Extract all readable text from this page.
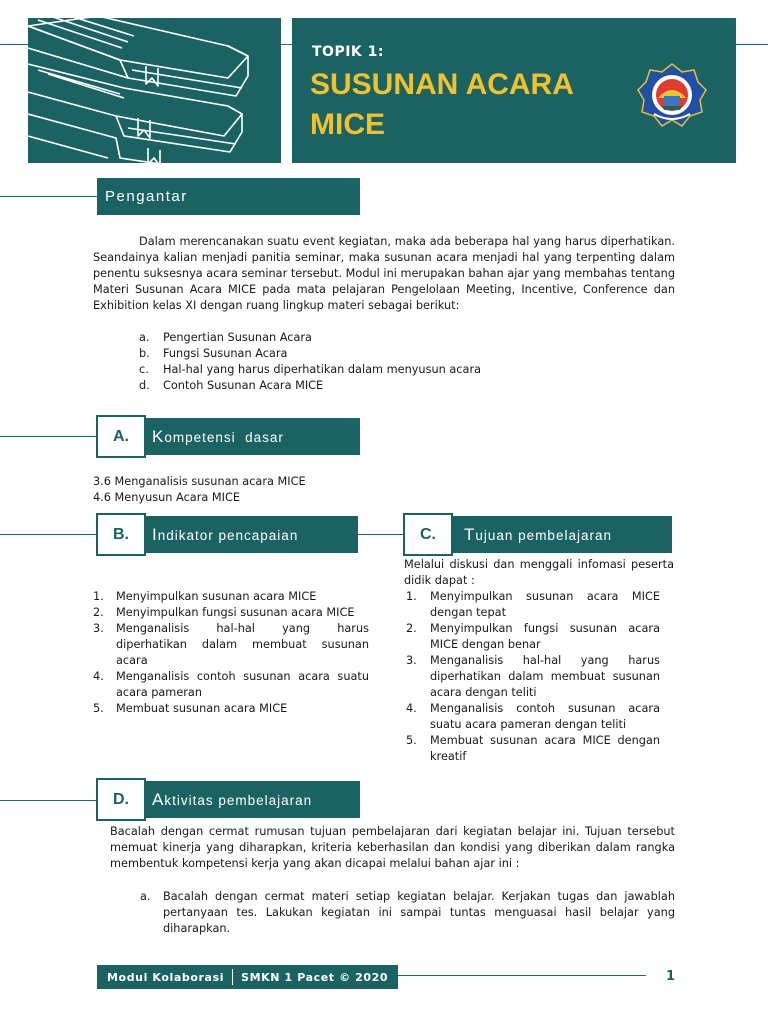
TOPIK 1:
SUSUNAN ACARA
MICE
Pengantar

Dalam merencanakan suatu event kegiatan, maka ada beberapa hal yang harus diperhatikan. Seandainya kalian menjadi panitia seminar, maka susunan acara menjadi hal yang terpenting dalam penentu suksesnya acara seminar tersebut. Modul ini merupakan bahan ajar yang membahas tentang Materi Susunan Acara MICE pada mata pelajaran Pengelolaan Meeting, Incentive, Conference dan Exhibition kelas XI dengan ruang lingkup materi sebagai berikut:

a.	Pengertian Susunan Acara
b.	Fungsi Susunan Acara
c.	Hal-hal yang harus diperhatikan dalam menyusun acara
d.	Contoh Susunan Acara MICE
A.	Kompetensi  dasar
3.6 Menganalisis susunan acara MICE
4.6 Menyusun Acara MICE
B.	Indikator pencapaian
1.	Menyimpulkan susunan acara MICE
2.	Menyimpulkan fungsi susunan acara MICE
3.	Menganalisis hal-hal yang harus diperhatikan dalam membuat susunan acara
4.	Menganalisis contoh susunan acara suatu acara pameran
5.	Membuat susunan acara MICE
C.	Tujuan pembelajaran

Melalui diskusi dan menggali infomasi peserta didik dapat :

1.	Menyimpulkan susunan acara MICE dengan tepat
2.	Menyimpulkan fungsi susunan acara MICE dengan benar
3.	Menganalisis hal-hal yang harus diperhatikan dalam membuat susunan acara dengan teliti
4.	Menganalisis contoh susunan acara suatu acara pameran dengan teliti
5.	Membuat susunan acara MICE dengan kreatif
D.	Aktivitas pembelajaran

Bacalah dengan cermat rumusan tujuan pembelajaran dari kegiatan belajar ini. Tujuan tersebut memuat kinerja yang diharapkan, kriteria keberhasilan dan kondisi yang diberikan dalam rangka membentuk kompetensi kerja yang akan dicapai melalui bahan ajar ini :

a.	Bacalah dengan cermat materi setiap kegiatan belajar. Kerjakan tugas dan jawablah pertanyaan tes. Lakukan kegiatan ini sampai tuntas menguasai hasil belajar yang diharapkan.
Modul Kolaborasi SMKN 1 Pacet © 2020	1
